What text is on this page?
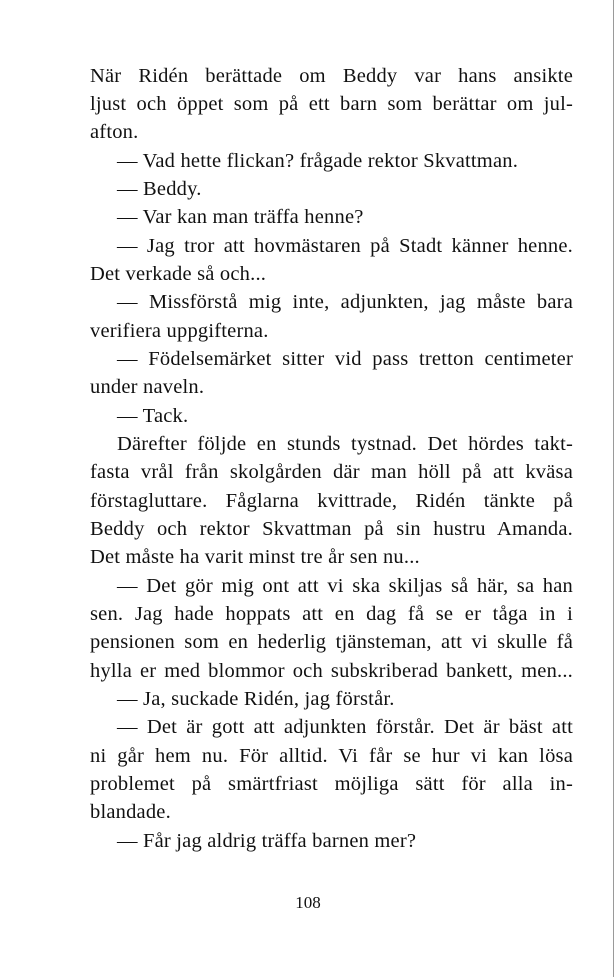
När Ridén berättade om Beddy var hans ansikte
ljust och öppet som på ett barn som berättar om jul-
afton.
— Vad hette flickan? frågade rektor Skvattman.
— Beddy.
— Var kan man träffa henne?
— Jag tror att hovmästaren på Stadt känner henne.
Det verkade så och...
— Missförstå mig inte, adjunkten, jag måste bara
verifiera uppgifterna.
— Födelsemärket sitter vid pass tretton centimeter
under naveln.
— Tack.
Därefter följde en stunds tystnad. Det hördes takt-
fasta vrål från skolgården där man höll på att kväsa
förstagluttare. Fåglarna kvittrade, Ridén tänkte på
Beddy och rektor Skvattman på sin hustru Amanda.
Det måste ha varit minst tre år sen nu...
— Det gör mig ont att vi ska skiljas så här, sa han
sen. Jag hade hoppats att en dag få se er tåga in i
pensionen som en hederlig tjänsteman, att vi skulle få
hylla er med blommor och subskriberad bankett, men...
— Ja, suckade Ridén, jag förstår.
— Det är gott att adjunkten förstår. Det är bäst att
ni går hem nu. För alltid. Vi får se hur vi kan lösa
problemet på smärtfriast möjliga sätt för alla in-
blandade.
— Får jag aldrig träffa barnen mer?
108
